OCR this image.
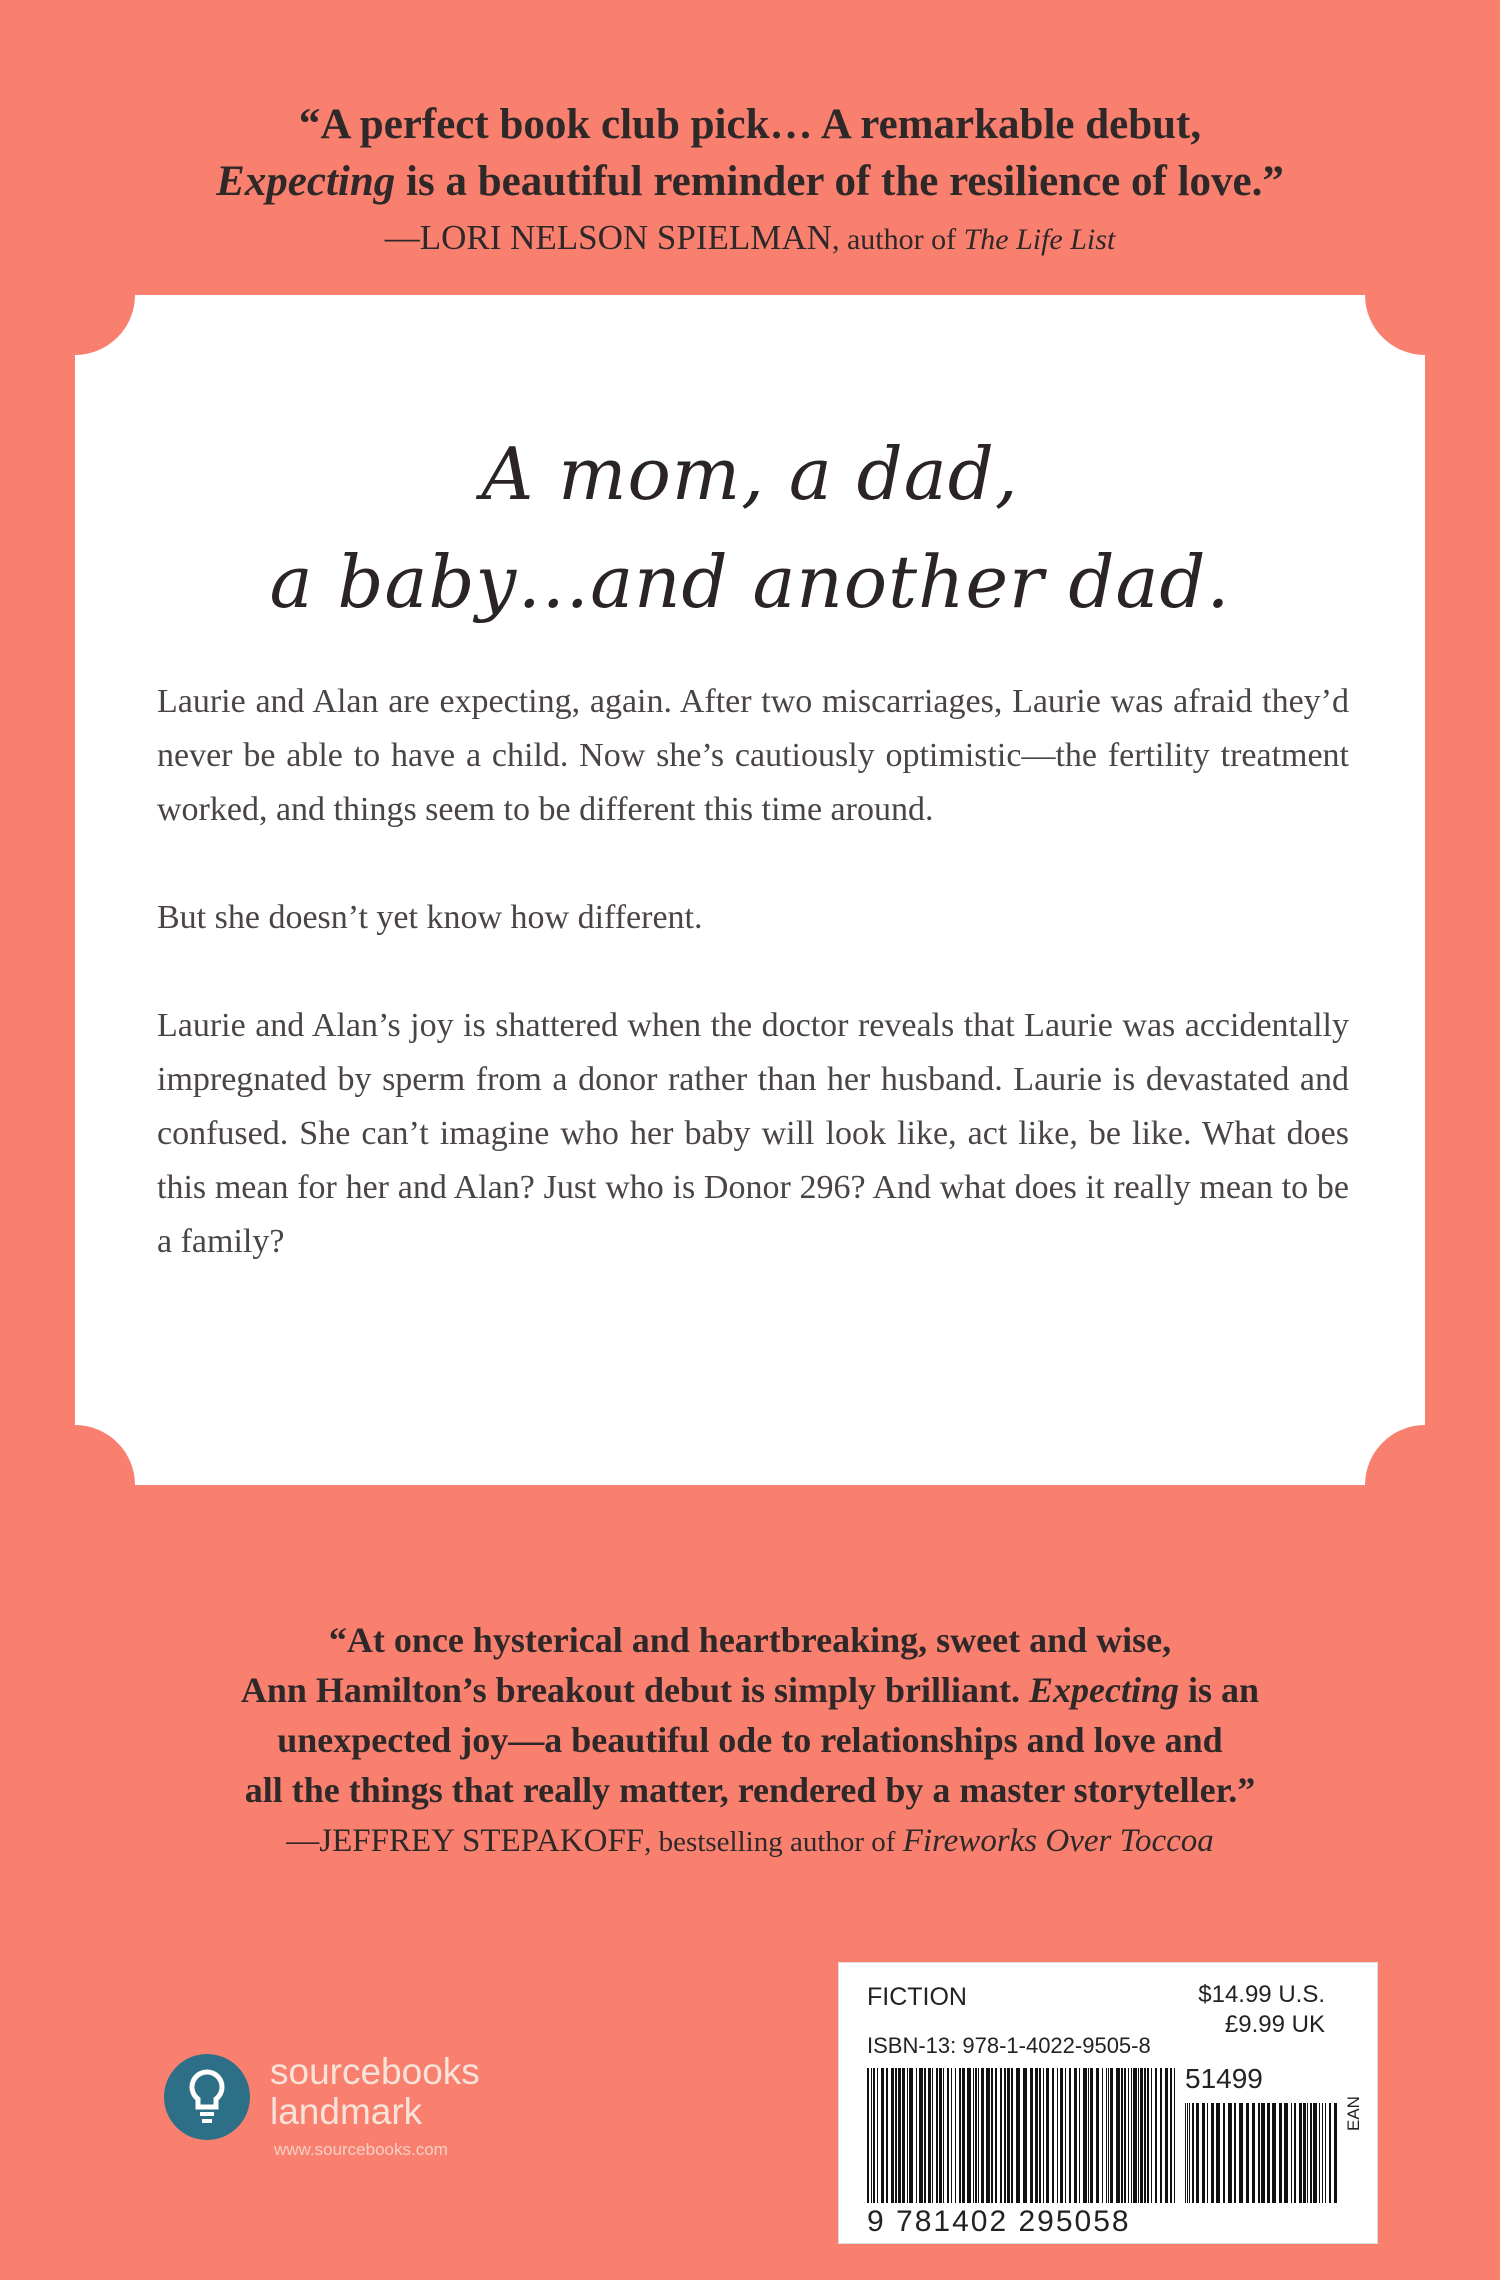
“A perfect book club pick… A remarkable debut,
Expecting is a beautiful reminder of the resilience of love.”
—LORI NELSON SPIELMAN, author of The Life List
A mom, a dad,
a baby…and another dad.

Laurie and Alan are expecting, again. After two miscarriages, Laurie was afraid they’d never be able to have a child. Now she’s cautiously optimistic—the fertility treatment worked, and things seem to be different this time around.

But she doesn’t yet know how different.

Laurie and Alan’s joy is shattered when the doctor reveals that Laurie was accidentally impregnated by sperm from a donor rather than her husband. Laurie is devastated and confused. She can’t imagine who her baby will look like, act like, be like. What does this mean for her and Alan? Just who is Donor 296? And what does it really mean to be a family?

“At once hysterical and heartbreaking, sweet and wise,
Ann Hamilton’s breakout debut is simply brilliant. Expecting is an
unexpected joy—a beautiful ode to relationships and love and
all the things that really matter, rendered by a master storyteller.”
—JEFFREY STEPAKOFF, bestselling author of Fireworks Over Toccoa
sourcebooks
landmark
www.sourcebooks.com
FICTION	$14.99 U.S.
£9.99 UK
ISBN-13: 978-1-4022-9505-8
51499
EAN
9 781402 295058
